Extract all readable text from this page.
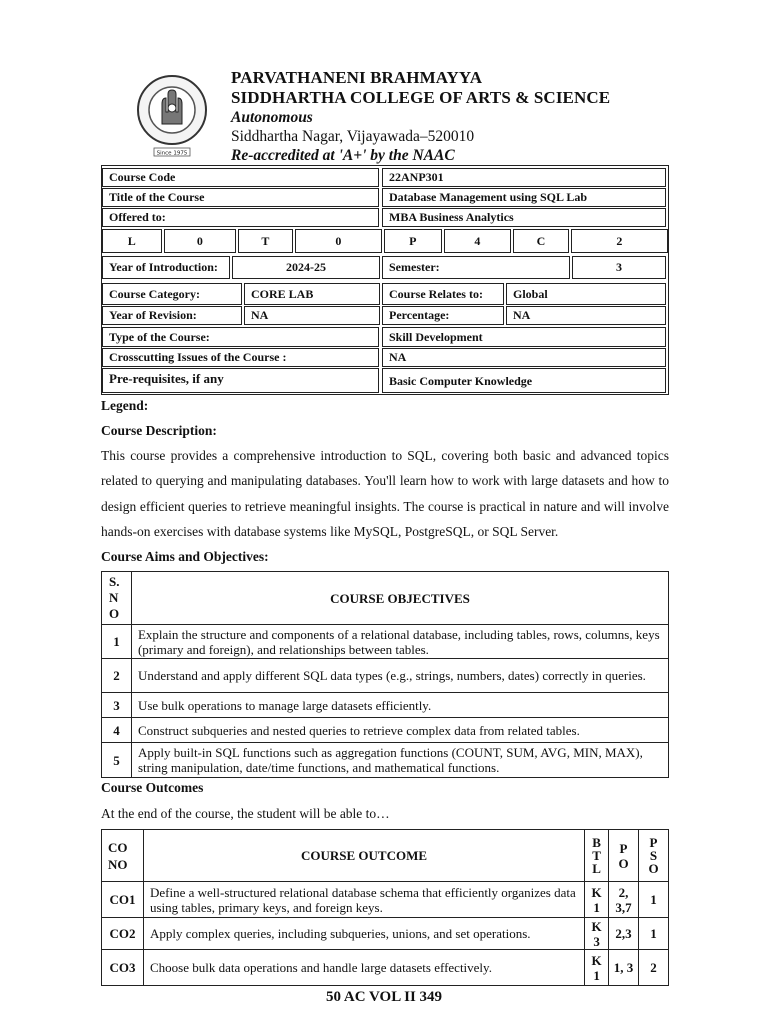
Since 1975
PARVATHANENI BRAHMAYYA
SIDDHARTHA COLLEGE OF ARTS & SCIENCE
Autonomous
Siddhartha Nagar, Vijayawada–520010
Re-accredited at 'A+' by the NAAC
Course Code	22ANP301
Title of the Course	Database Management using SQL Lab
Offered to:	MBA Business Analytics
L	0	T	0	P	4	C	2
Year of Introduction:	2024-25	Semester:	3
Course Category:	CORE LAB	Course Relates to:	Global
Year of Revision:	NA	Percentage:	NA
Type of the Course:	Skill Development
Crosscutting Issues of the Course :	NA
Pre-requisites, if any	Basic Computer Knowledge
Legend:
Course Description:
This course provides a comprehensive introduction to SQL, covering both basic and advanced topics related to querying and manipulating databases. You'll learn how to work with large datasets and how to design efficient queries to retrieve meaningful insights. The course is practical in nature and will involve hands-on exercises with database systems like MySQL, PostgreSQL, or SQL Server.
Course Aims and Objectives:
S. N O	COURSE OBJECTIVES
1	Explain the structure and components of a relational database, including tables, rows, columns, keys (primary and foreign), and relationships between tables.
2	Understand and apply different SQL data types (e.g., strings, numbers, dates) correctly in queries.
3	Use bulk operations to manage large datasets efficiently.
4	Construct subqueries and nested queries to retrieve complex data from related tables.
5	Apply built-in SQL functions such as aggregation functions (COUNT, SUM, AVG, MIN, MAX), string manipulation, date/time functions, and mathematical functions.
Course Outcomes
At the end of the course, the student will be able to…
CO NO	COURSE OUTCOME	B T L	P O	P S O
CO1	Define a well-structured relational database schema that efficiently organizes data using tables, primary keys, and foreign keys.	K 1	2, 3,7	1
CO2	Apply complex queries, including subqueries, unions, and set operations.	K 3	2,3	1
CO3	Choose bulk data operations and handle large datasets effectively.	K 1	1, 3	2
50 AC VOL II 349
